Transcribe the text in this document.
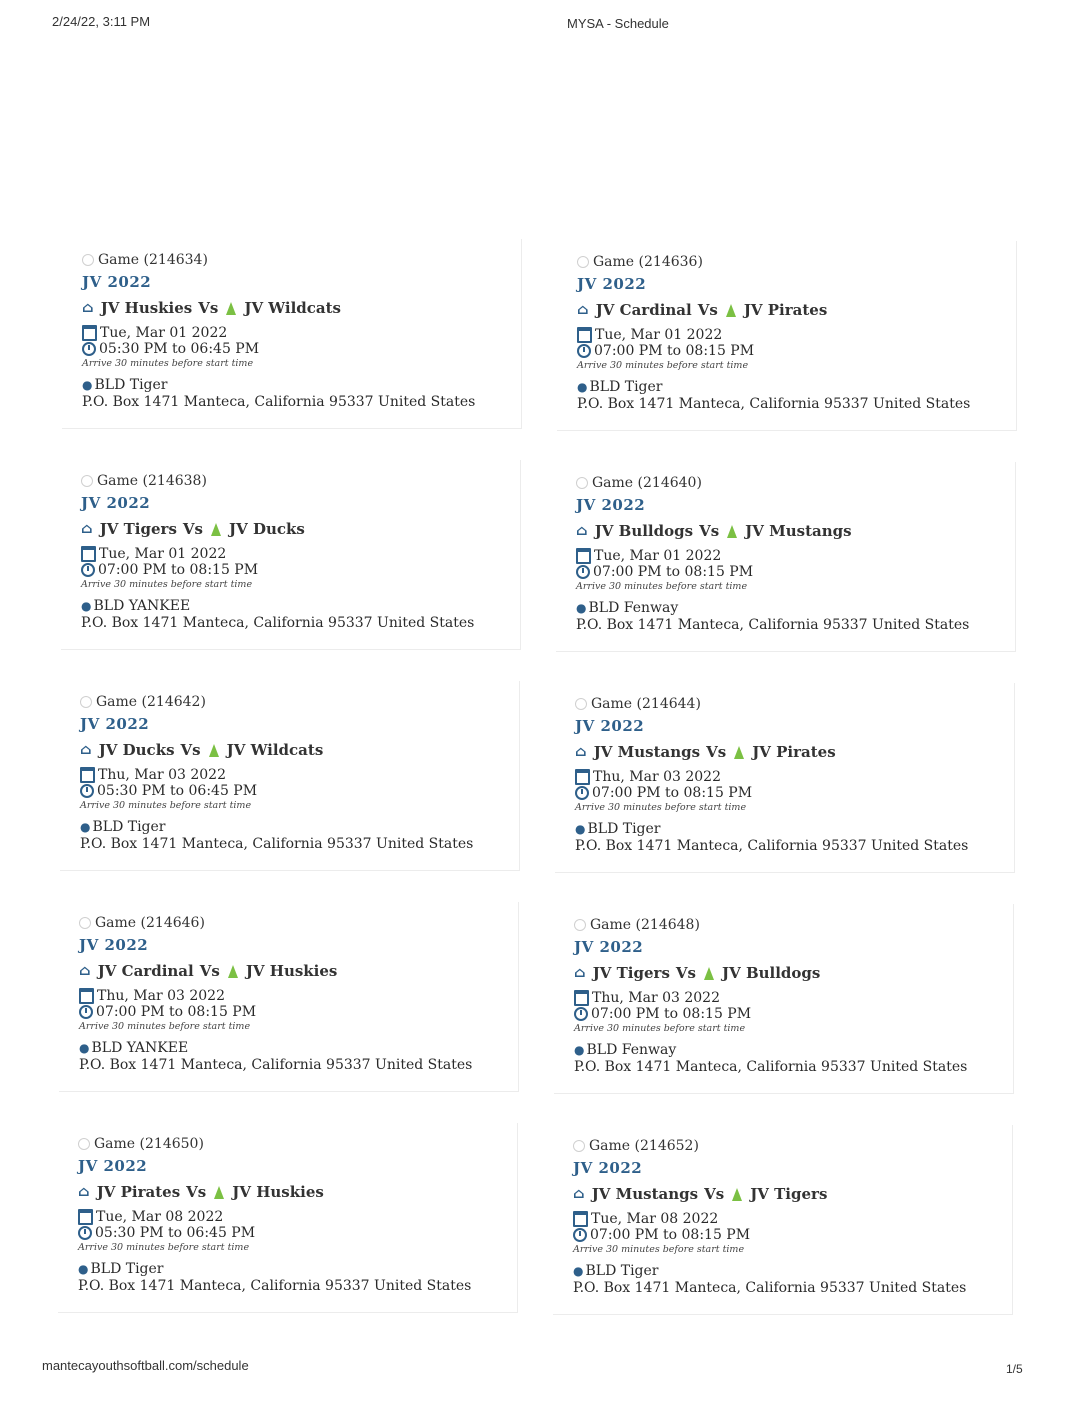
2/24/22, 3:11 PM	MYSA - Schedule
Game (214634)
JV 2022
⌂ JV Huskies Vs JV Wildcats
Tue, Mar 01 2022
05:30 PM to 06:45 PM
Arrive 30 minutes before start time
● BLD Tiger
P.O. Box 1471 Manteca, California 95337 United States
Game (214636)
JV 2022
⌂ JV Cardinal Vs JV Pirates
Tue, Mar 01 2022
07:00 PM to 08:15 PM
Arrive 30 minutes before start time
● BLD Tiger
P.O. Box 1471 Manteca, California 95337 United States
Game (214638)
JV 2022
⌂ JV Tigers Vs JV Ducks
Tue, Mar 01 2022
07:00 PM to 08:15 PM
Arrive 30 minutes before start time
● BLD YANKEE
P.O. Box 1471 Manteca, California 95337 United States
Game (214640)
JV 2022
⌂ JV Bulldogs Vs JV Mustangs
Tue, Mar 01 2022
07:00 PM to 08:15 PM
Arrive 30 minutes before start time
● BLD Fenway
P.O. Box 1471 Manteca, California 95337 United States
Game (214642)
JV 2022
⌂ JV Ducks Vs JV Wildcats
Thu, Mar 03 2022
05:30 PM to 06:45 PM
Arrive 30 minutes before start time
● BLD Tiger
P.O. Box 1471 Manteca, California 95337 United States
Game (214644)
JV 2022
⌂ JV Mustangs Vs JV Pirates
Thu, Mar 03 2022
07:00 PM to 08:15 PM
Arrive 30 minutes before start time
● BLD Tiger
P.O. Box 1471 Manteca, California 95337 United States
Game (214646)
JV 2022
⌂ JV Cardinal Vs JV Huskies
Thu, Mar 03 2022
07:00 PM to 08:15 PM
Arrive 30 minutes before start time
● BLD YANKEE
P.O. Box 1471 Manteca, California 95337 United States
Game (214648)
JV 2022
⌂ JV Tigers Vs JV Bulldogs
Thu, Mar 03 2022
07:00 PM to 08:15 PM
Arrive 30 minutes before start time
● BLD Fenway
P.O. Box 1471 Manteca, California 95337 United States
Game (214650)
JV 2022
⌂ JV Pirates Vs JV Huskies
Tue, Mar 08 2022
05:30 PM to 06:45 PM
Arrive 30 minutes before start time
● BLD Tiger
P.O. Box 1471 Manteca, California 95337 United States
Game (214652)
JV 2022
⌂ JV Mustangs Vs JV Tigers
Tue, Mar 08 2022
07:00 PM to 08:15 PM
Arrive 30 minutes before start time
● BLD Tiger
P.O. Box 1471 Manteca, California 95337 United States
mantecayouthsoftball.com/schedule	1/5
